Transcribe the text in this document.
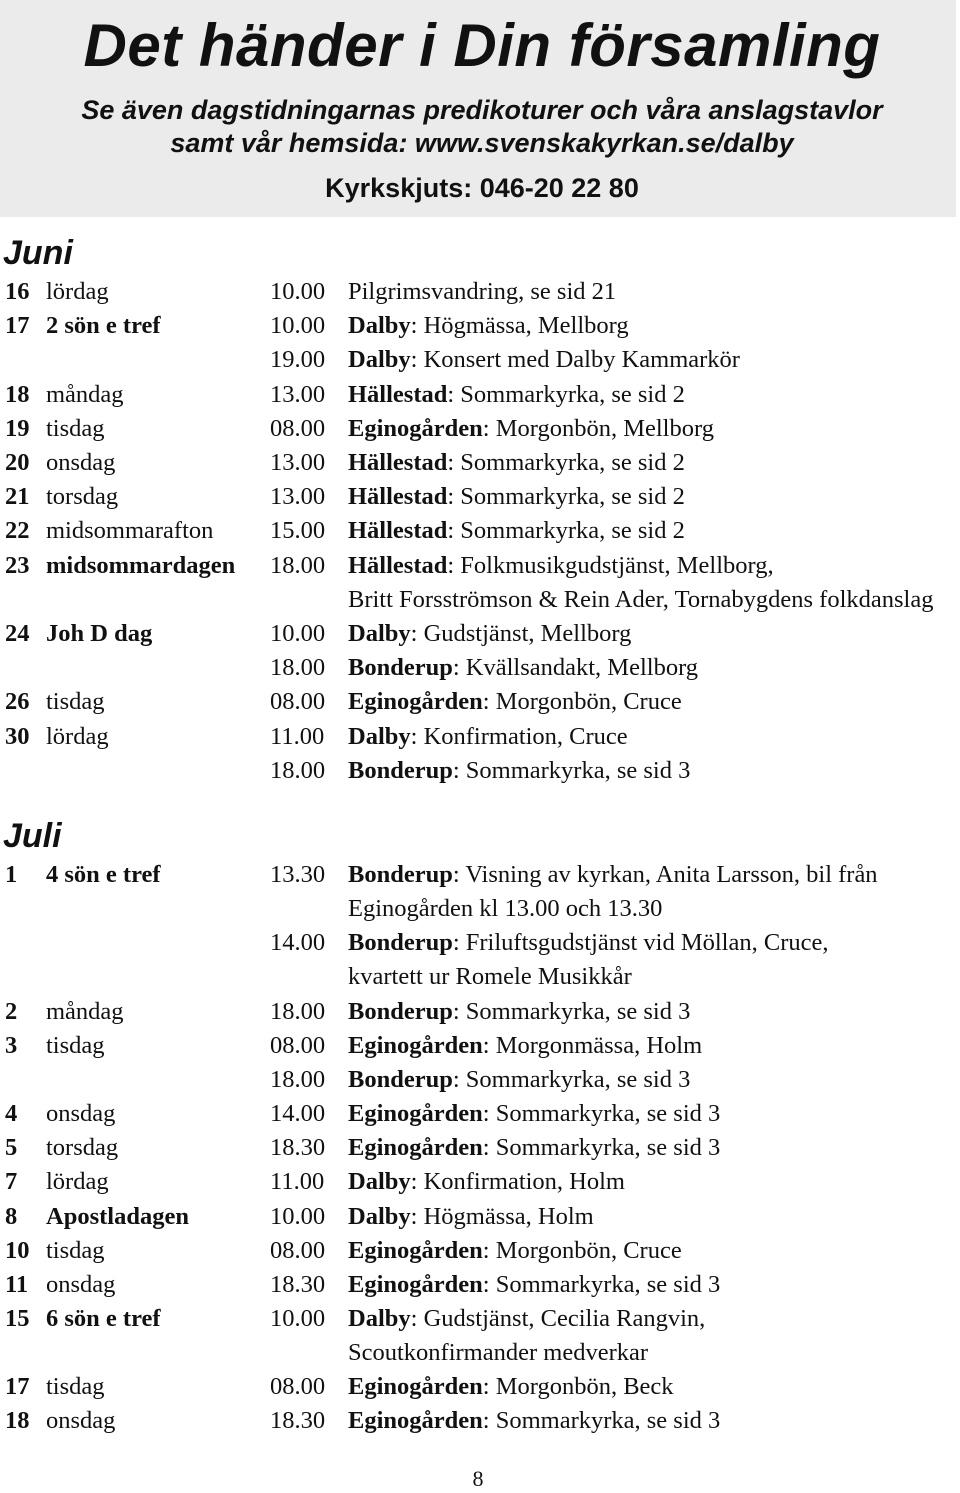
Det händer i Din församling
Se även dagstidningarnas predikoturer och våra anslagstavlor
samt vår hemsida: www.svenskakyrkan.se/dalby
Kyrkskjuts: 046-20 22 80
Juni
16 lördag	10.00 Pilgrimsvandring, se sid 21
17 2 sön e tref	10.00 Dalby: Högmässa, Mellborg
19.00 Dalby: Konsert med Dalby Kammarkör
18 måndag	13.00 Hällestad: Sommarkyrka, se sid 2
19 tisdag	08.00 Eginogården: Morgonbön, Mellborg
20 onsdag	13.00 Hällestad: Sommarkyrka, se sid 2
21 torsdag	13.00 Hällestad: Sommarkyrka, se sid 2
22 midsommarafton 15.00 Hällestad: Sommarkyrka, se sid 2
23 midsommardagen 18.00 Hällestad: Folkmusikgudstjänst, Mellborg,
Britt Forsströmson & Rein Ader, Tornabygdens folkdanslag
24 Joh D dag	10.00 Dalby: Gudstjänst, Mellborg
18.00 Bonderup: Kvällsandakt, Mellborg
26 tisdag	08.00 Eginogården: Morgonbön, Cruce
30 lördag	11.00 Dalby: Konfirmation, Cruce
18.00 Bonderup: Sommarkyrka, se sid 3
Juli
1 4 sön e tref	13.30 Bonderup: Visning av kyrkan, Anita Larsson, bil från
Eginogården kl 13.00 och 13.30
14.00 Bonderup: Friluftsgudstjänst vid Möllan, Cruce,
kvartett ur Romele Musikkår
2 måndag	18.00 Bonderup: Sommarkyrka, se sid 3
3 tisdag	08.00 Eginogården: Morgonmässa, Holm
18.00 Bonderup: Sommarkyrka, se sid 3
4 onsdag	14.00 Eginogården: Sommarkyrka, se sid 3
5 torsdag	18.30 Eginogården: Sommarkyrka, se sid 3
7 lördag	11.00 Dalby: Konfirmation, Holm
8 Apostladagen	10.00 Dalby: Högmässa, Holm
10 tisdag	08.00 Eginogården: Morgonbön, Cruce
11 onsdag	18.30 Eginogården: Sommarkyrka, se sid 3
15 6 sön e tref	10.00 Dalby: Gudstjänst, Cecilia Rangvin,
Scoutkonfirmander medverkar
17 tisdag	08.00 Eginogården: Morgonbön, Beck
18 onsdag	18.30 Eginogården: Sommarkyrka, se sid 3
8
